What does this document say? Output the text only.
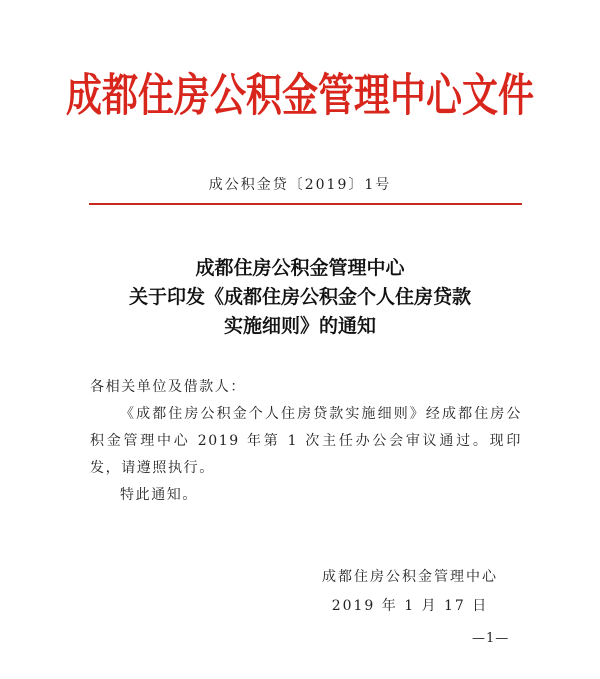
成都住房公积金管理中心文件
成公积金贷〔2019〕1号
成都住房公积金管理中心
关于印发《成都住房公积金个人住房贷款
实施细则》的通知

各相关单位及借款人：

《成都住房公积金个人住房贷款实施细则》经成都住房公积金管理中心 2019 年第 1 次主任办公会审议通过。现印发，请遵照执行。

特此通知。

成都住房公积金管理中心
2019 年 1 月 17 日
—1—
